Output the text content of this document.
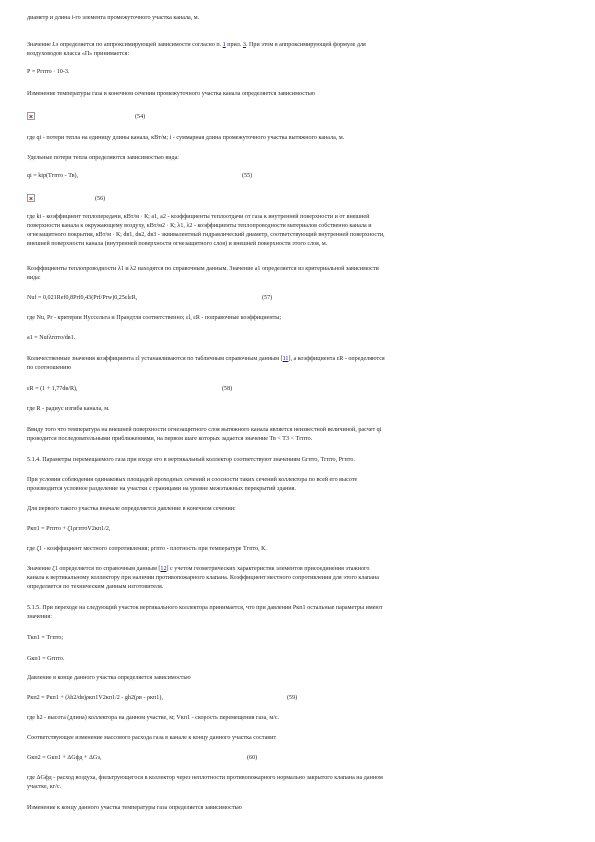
диаметр и длина i-го элемента промежуточного участка канала, м.

Значение Lэ определяется по аппроксимирующей зависимости согласно п. 1 прил. 3. При этом в аппроксимирующей формуле для

воздуховодов класса «П» принимается:

Р = Ргпто · 10-3.

Изменение температуры газа в конечном сечении промежуточного участка канала определяется зависимостью

(54)

где qi - потери тепла на единицу длины канала, кВт/м; i - суммарная длина промежуточного участка вытяжного канала, м.

Удельные потери тепла определяются зависимостью вида:

qi = kiр(Тгпто - Тв),	(55)

(56)

где ki - коэффициент теплопередачи, кВт/м · К; а1, а2 - коэффициенты теплоотдачи от газа к внутренней поверхности и от внешней

поверхности канала к окружающему воздуху, кВт/м2 · К; λ1, λ2 - коэффициенты теплопроводности материалов собственно канала и

огнезащитного покрытия, кВт/м · К; dв1, dв2, dв3 - эквивалентный гидравлический диаметр, соответствующий внутренней поверхности,

внешней поверхности канала (внутренней поверхности огнезащитного слоя) и внешней поверхности этого слоя, м.

Коэффициенты теплопроводности λ1 и λ2 находятся по справочным данным. Значение а1 определяется из критериальной зависимости

вида:

Nuf = 0,021Ref0,8Prf0,43(Prf/Prw)0,25εlεR,	(57)

где Nu, Pr - критерии Нуссельта и Прандтля соответственно; εl, εR - поправочные коэффициенты;

а1 = Nufλгпто/dв1.

Количественные значения коэффициента εl устанавливаются по табличным справочным данным [11], а коэффициента εR - определяются

по соотношению

εR = (1 + 1,77dв/R),	(58)

где R - радиус изгиба канала, м.

Ввиду того что температура на внешней поверхности огнезащитного слоя вытяжного канала является неизвестной величиной, расчет qi

проводится последовательными приближениями, на первом шаге которых задается значение Тв < Т3 < Тгпто.

5.1.4. Параметры перемещаемого газа при входе его в вертикальный коллектор соответствуют значениям Gгпто, Тгпто, Ргпто.

При условии соблюдения одинаковых площадей проходных сечений и соосности таких сечений коллектора по всей его высоте

производится условное разделение на участки с границами на уровне межэтажных перекрытий здания.

Для первого такого участка вначале определяется давление в конечном сечении:

Ркп1 = Ргпто + ζ1ρгптоV2кп1/2,

где ζ1 - коэффициент местного сопротивления; ρгпто - плотность при температуре Тгпто, К.

Значение ζ1 определяется по справочным данным [12] с учетом геометрических характеристик элементов присоединения этажного

канала к вертикальному коллектору при наличии противопожарного клапана. Коэффициент местного сопротивления для этого клапана

определяется по техническим данным изготовителя.

5.1.5. При переходе на следующий участок вертикального коллектора принимается, что при давлении Ркп1 остальные параметры имеют

значения:

Ткп1 = Тгпто;

Gкп1 = Gгпто.

Давление в конце данного участка определяется зависимостью

Ркп2 = Ркп1 + (λh2/dв)ρкп1V2кп1/2 - gh2(ρв - ρкп1),	(59)

где h2 - высота (длина) коллектора на данном участке, м; Vкп1 - скорость перемещения газа, м/с.

Соответствующее изменение массового расхода газа в канале к концу данного участка составит

Gкп2 = Gкп1 + ΔGфд + ΔGэ,	(60)

где ΔGфд - расход воздуха, фильтрующегося в коллектор через неплотности противопожарного нормально закрытого клапана на данном

участке, кг/с.

Изменение к концу данного участка температуры газа определяется зависимостью
